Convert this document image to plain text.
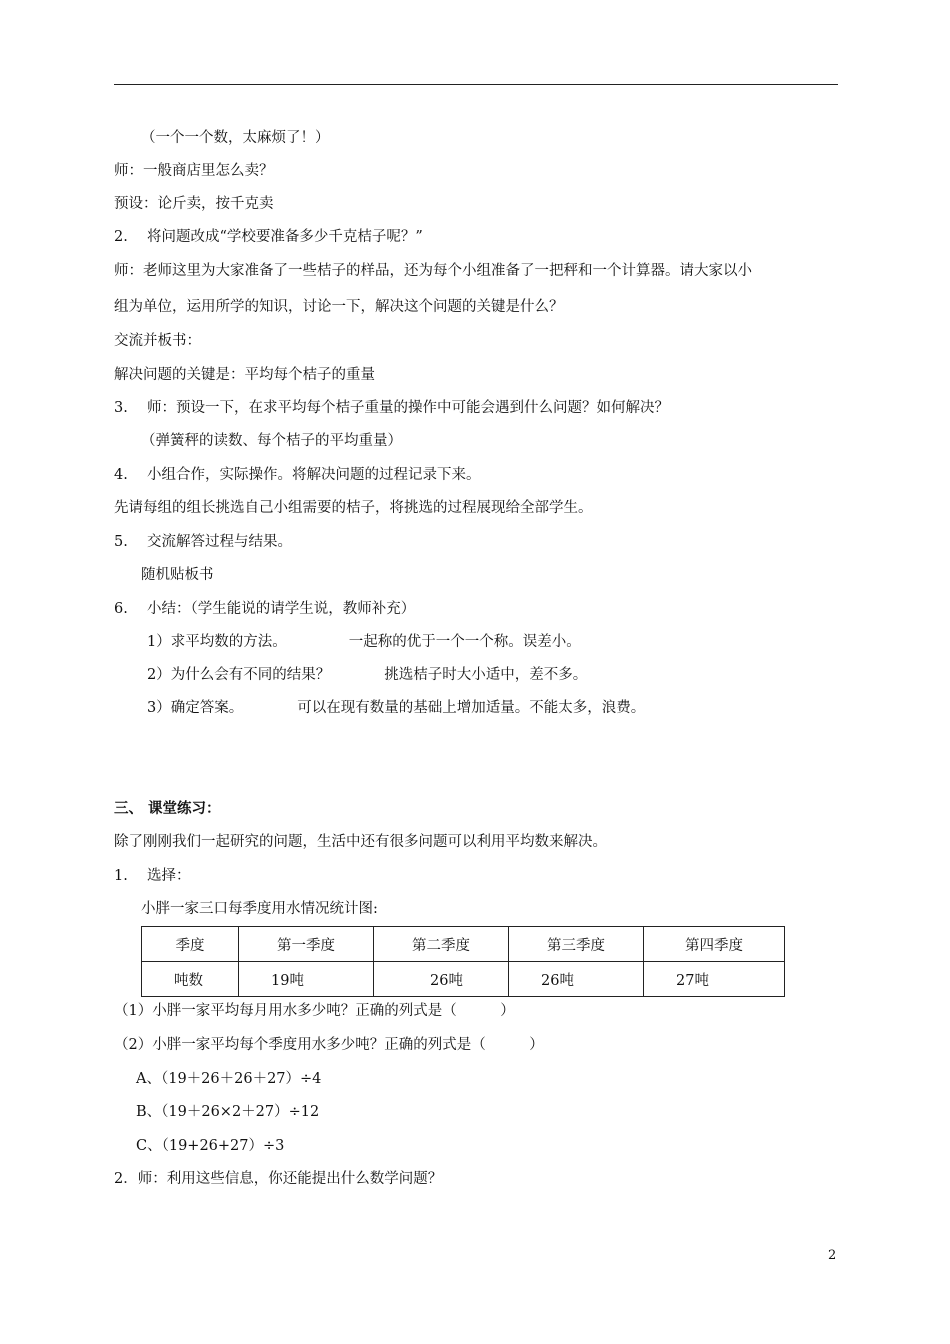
（一个一个数，太麻烦了！）
师：一般商店里怎么卖？
预设：论斤卖，按千克卖
2.　 将问题改成“学校要准备多少千克桔子呢？”
师：老师这里为大家准备了一些桔子的样品，还为每个小组准备了一把秤和一个计算器。请大家以小
组为单位，运用所学的知识，讨论一下，解决这个问题的关键是什么？
交流并板书：
解决问题的关键是：平均每个桔子的重量
3.　 师：预设一下，在求平均每个桔子重量的操作中可能会遇到什么问题？如何解决？
（弹簧秤的读数、每个桔子的平均重量）
4.　 小组合作，实际操作。将解决问题的过程记录下来。
先请每组的组长挑选自己小组需要的桔子，将挑选的过程展现给全部学生。
5.　 交流解答过程与结果。
随机贴板书
6.　 小结：（学生能说的请学生说，教师补充）
1）求平均数的方法。	一起称的优于一个一个称。误差小。
2）为什么会有不同的结果？	挑选桔子时大小适中，差不多。
3）确定答案。	可以在现有数量的基础上增加适量。不能太多，浪费。
三、 课堂练习：
除了刚刚我们一起研究的问题，生活中还有很多问题可以利用平均数来解决。
1.　 选择：
小胖一家三口每季度用水情况统计图:
季度	第一季度	第二季度	第三季度	第四季度
吨数	19吨	26吨	26吨	27吨
（1）小胖一家平均每月用水多少吨？正确的列式是（　　　）
（2）小胖一家平均每个季度用水多少吨？正确的列式是（　　　）
A、（19＋26＋26＋27）÷4
B、（19＋26×2＋27）÷12
C、（19+26+27）÷3
2．师：利用这些信息，你还能提出什么数学问题？
2
